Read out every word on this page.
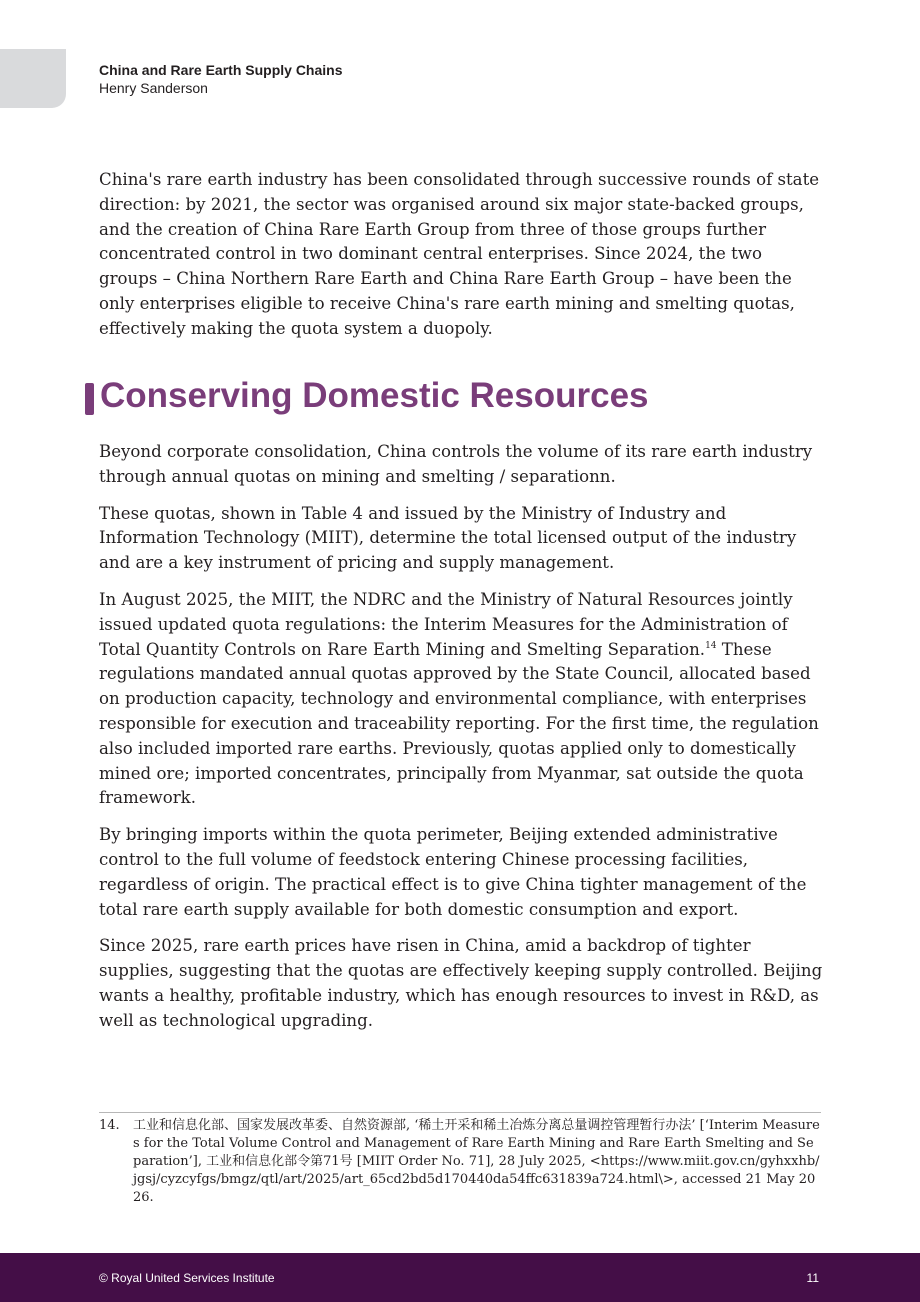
China and Rare Earth Supply Chains
Henry Sanderson

China's rare earth industry has been consolidated through successive rounds of state direction: by 2021, the sector was organised around six major state-backed groups, and the creation of China Rare Earth Group from three of those groups further concentrated control in two dominant central enterprises. Since 2024, the two groups – China Northern Rare Earth and China Rare Earth Group – have been the only enterprises eligible to receive China's rare earth mining and smelting quotas, effectively making the quota system a duopoly.

Conserving Domestic Resources

Beyond corporate consolidation, China controls the volume of its rare earth industry through annual quotas on mining and smelting / separationn.

These quotas, shown in Table 4 and issued by the Ministry of Industry and Information Technology (MIIT), determine the total licensed output of the industry and are a key instrument of pricing and supply management.

In August 2025, the MIIT, the NDRC and the Ministry of Natural Resources jointly issued updated quota regulations: the Interim Measures for the Administration of Total Quantity Controls on Rare Earth Mining and Smelting Separation.$^{14}$ These regulations mandated annual quotas approved by the State Council, allocated based on production capacity, technology and environmental compliance, with enterprises responsible for execution and traceability reporting. For the first time, the regulation also included imported rare earths. Previously, quotas applied only to domestically mined ore; imported concentrates, principally from Myanmar, sat outside the quota framework.

By bringing imports within the quota perimeter, Beijing extended administrative control to the full volume of feedstock entering Chinese processing facilities, regardless of origin. The practical effect is to give China tighter management of the total rare earth supply available for both domestic consumption and export.

Since 2025, rare earth prices have risen in China, amid a backdrop of tighter supplies, suggesting that the quotas are effectively keeping supply controlled. Beijing wants a healthy, profitable industry, which has enough resources to invest in R&D, as well as technological upgrading.

14. 工业和信息化部、国家发展改革委、自然资源部, ‘稀土开采和稀土冶炼分离总量调控管理暂行办法’ [‘Interim Measures for the Total Volume Control and Management of Rare Earth Mining and Rare Earth Smelting and Separation’], 工业和信息化部令第71号 [MIIT Order No. 71], 28 July 2025, <https://www.miit.gov.cn/gyhxxhb/jgsj/cyzcyfgs/bmgz/qtl/art/2025/art_65cd2bd5d170440da54ffc631839a724.html\>, accessed 21 May 2026.
© Royal United Services Institute	11
